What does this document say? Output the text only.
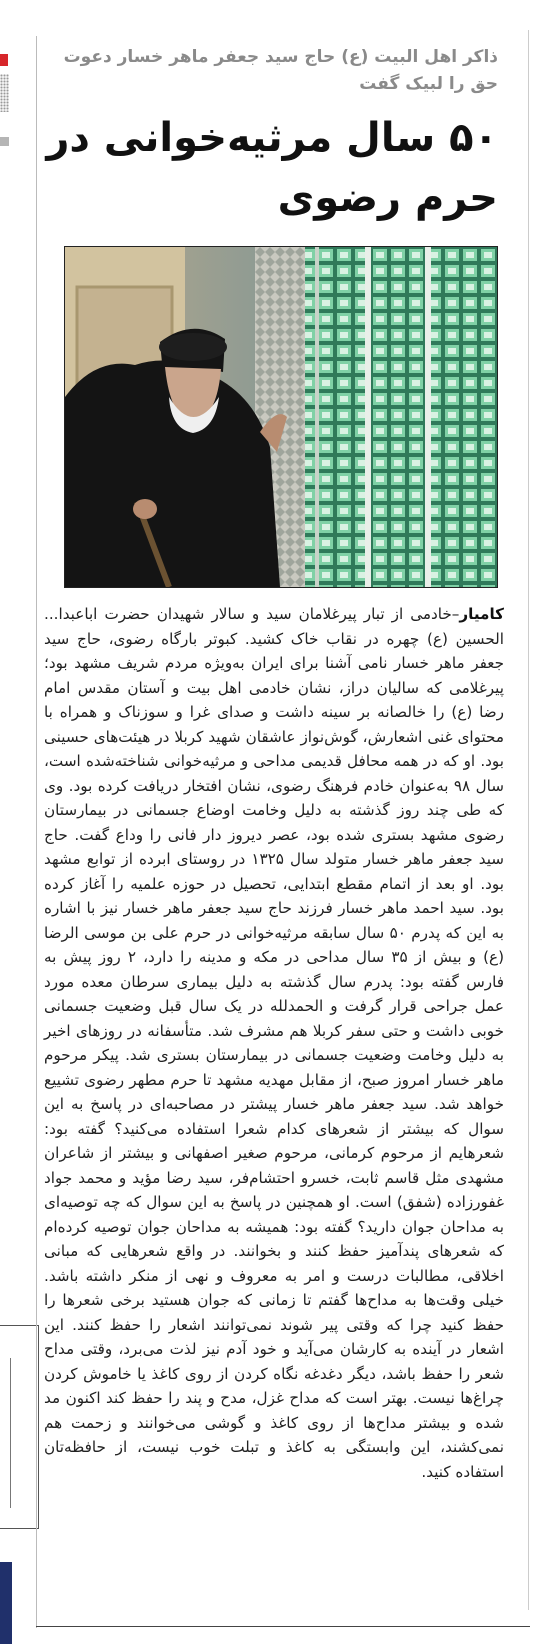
ذاکر اهل البیت (ع) حاج سید جعفر ماهر خسار دعوت حق را لبیک گفت

۵۰ سال مرثیه‌خوانی در حرم رضوی
کامیار–خادمی از تبار پیرغلامان سید و سالار شهیدان حضرت اباعبدا... الحسین (ع) چهره در نقاب خاک کشید. کبوتر بارگاه رضوی، حاج سید جعفر ماهر خسار نامی آشنا برای ایران به‌ویژه مردم شریف مشهد بود؛ پیرغلامی که سالیان دراز، نشان خادمی اهل بیت و آستان مقدس امام رضا (ع) را خالصانه بر سینه داشت و صدای غرا و سوزناک و همراه با محتوای غنی اشعارش، گوش‌نواز عاشقان شهید کربلا در هیئت‌های حسینی بود. او که در همه محافل قدیمی مداحی و مرثیه‌خوانی شناخته‌شده است، سال ۹۸ به‌عنوان خادم فرهنگ رضوی، نشان افتخار دریافت کرده بود. وی که طی چند روز گذشته به دلیل وخامت اوضاع جسمانی در بیمارستان رضوی مشهد بستری شده بود، عصر دیروز دار فانی را وداع گفت. حاج سید جعفر ماهر خسار متولد سال ۱۳۲۵ در روستای ابرده از توابع مشهد بود. او بعد از اتمام مقطع ابتدایی، تحصیل در حوزه علمیه را آغاز کرده بود. سید احمد ماهر خسار فرزند حاج سید جعفر ماهر خسار نیز با اشاره به این که پدرم ۵۰ سال سابقه مرثیه‌خوانی در حرم علی بن موسی الرضا (ع) و بیش از ۳۵ سال مداحی در مکه و مدینه را دارد، ۲ روز پیش به فارس گفته بود: پدرم سال گذشته به دلیل بیماری سرطان معده مورد عمل جراحی قرار گرفت و الحمدلله در یک سال قبل وضعیت جسمانی خوبی داشت و حتی سفر کربلا هم مشرف شد. متأسفانه در روزهای اخیر به دلیل وخامت وضعیت جسمانی در بیمارستان بستری شد. پیکر مرحوم ماهر خسار امروز صبح، از مقابل مهدیه مشهد تا حرم مطهر رضوی تشییع خواهد شد. سید جعفر ماهر خسار پیشتر در مصاحبه‌ای در پاسخ به این سوال که بیشتر از شعرهای کدام شعرا استفاده می‌کنید؟ گفته بود: شعرهایم از مرحوم کرمانی، مرحوم صغیر اصفهانی و بیشتر از شاعران مشهدی مثل قاسم ثابت، خسرو احتشام‌فر، سید رضا مؤید و محمد جواد غفورزاده (شفق) است. او همچنین در پاسخ به این سوال که چه توصیه‌ای به مداحان جوان دارید؟ گفته بود: همیشه به مداحان جوان توصیه کرده‌ام که شعرهای پندآمیز حفظ کنند و بخوانند. در واقع شعرهایی که مبانی اخلاقی، مطالبات درست و امر به معروف و نهی از منکر داشته باشد. خیلی وقت‌ها به مداح‌ها گفتم تا زمانی که جوان هستید برخی شعرها را حفظ کنید چرا که وقتی پیر شوند نمی‌توانند اشعار را حفظ کنند. این اشعار در آینده به کارشان می‌آید و خود آدم نیز لذت می‌برد، وقتی مداح شعر را حفظ باشد، دیگر دغدغه نگاه کردن از روی کاغذ یا خاموش کردن چراغ‌ها نیست. بهتر است که مداح غزل، مدح و پند را حفظ کند اکنون مد شده و بیشتر مداح‌ها از روی کاغذ و گوشی می‌خوانند و زحمت هم نمی‌کشند، این وابستگی به کاغذ و تبلت خوب نیست، از حافظه‌تان استفاده کنید.
